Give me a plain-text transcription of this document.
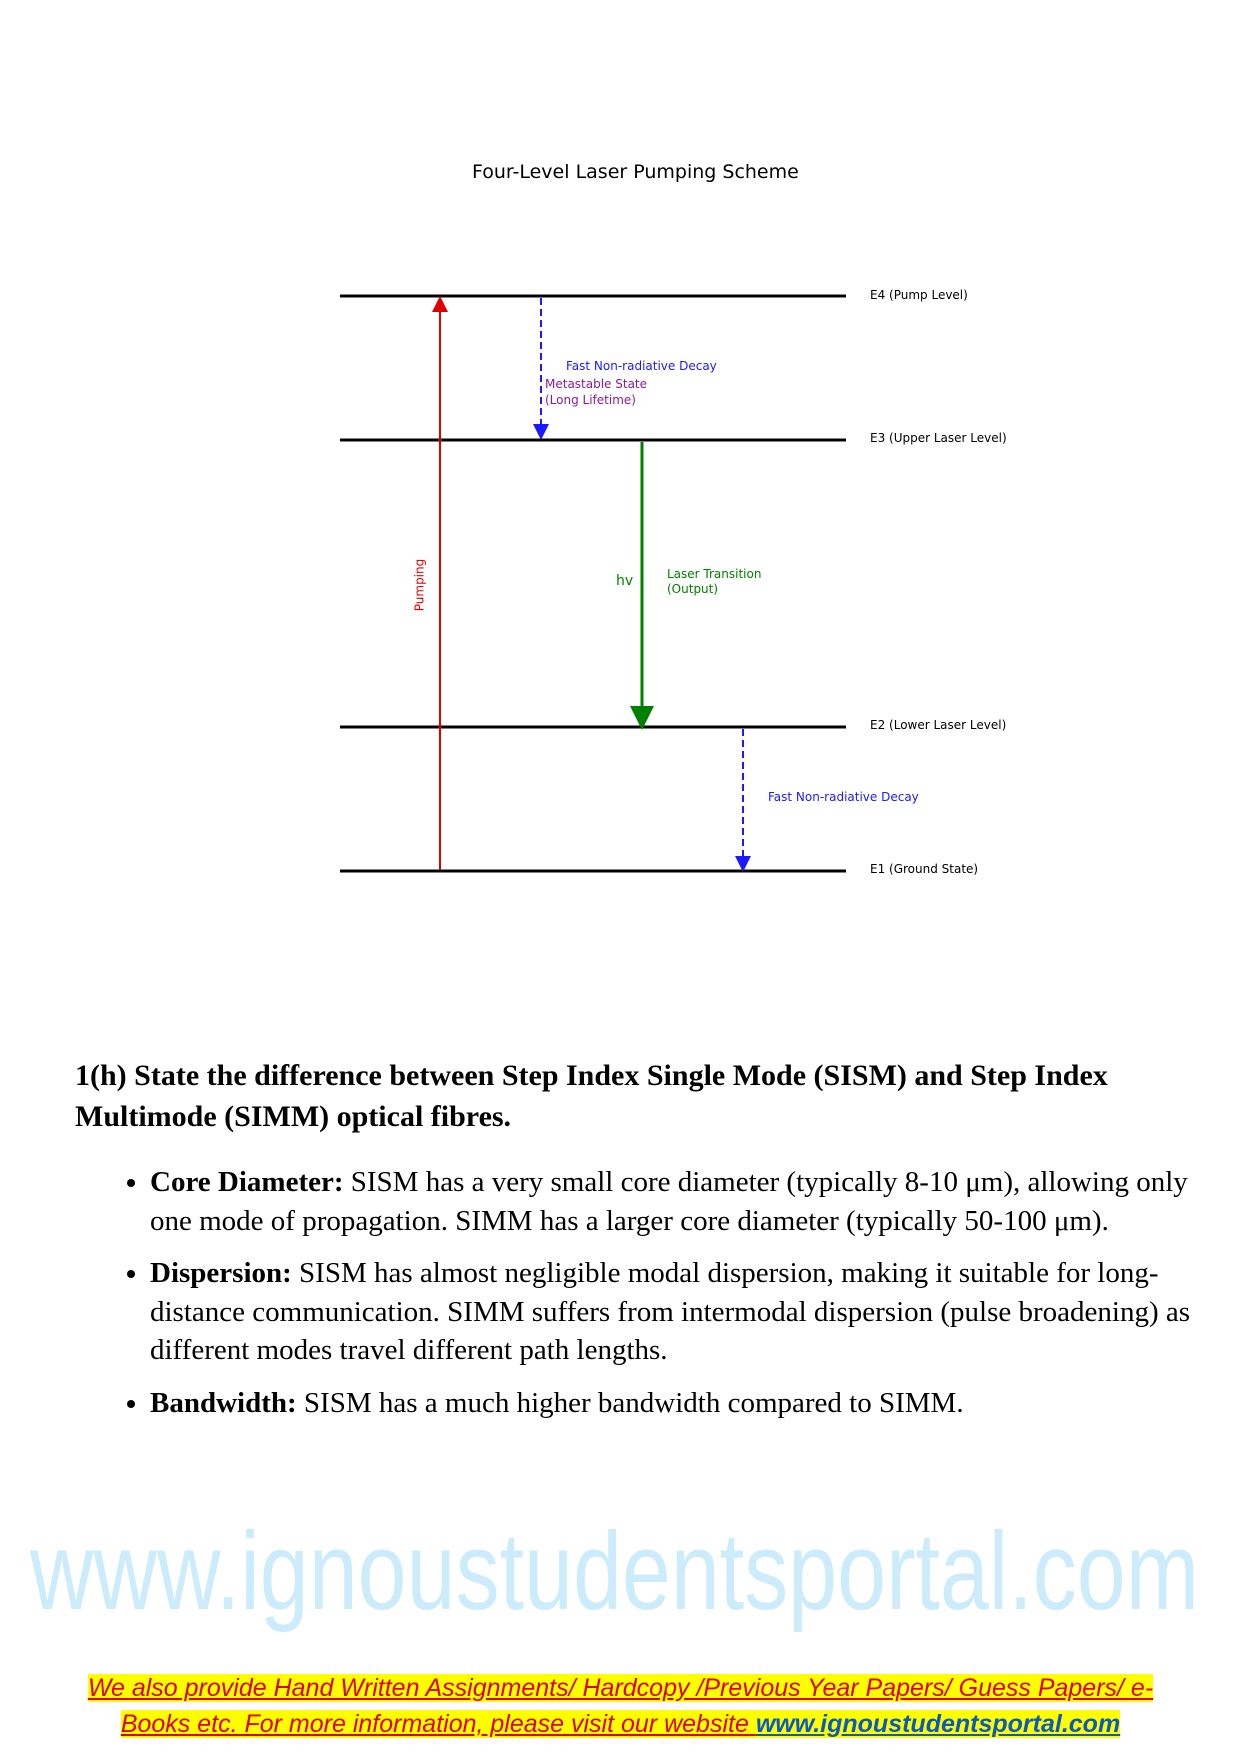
www.ignoustudentsportal.com
Four-Level Laser Pumping Scheme
E4 (Pump Level)
E3 (Upper Laser Level)
E2 (Lower Laser Level)
E1 (Ground State)
Fast Non-radiative Decay
Metastable State
(Long Lifetime)
Pumping	hv	Laser Transition
(Output)
Fast Non-radiative Decay
1(h) State the difference between Step Index Single Mode (SISM) and Step Index Multimode (SIMM) optical fibres.
• Core Diameter: SISM has a very small core diameter (typically 8-10 μm), allowing only one mode of propagation. SIMM has a larger core diameter (typically 50-100 μm).
• Dispersion: SISM has almost negligible modal dispersion, making it suitable for long-distance communication. SIMM suffers from intermodal dispersion (pulse broadening) as different modes travel different path lengths.
• Bandwidth: SISM has a much higher bandwidth compared to SIMM.
We also provide Hand Written Assignments/ Hardcopy /Previous Year Papers/ Guess Papers/ e-
Books etc. For more information, please visit our website www.ignoustudentsportal.com
